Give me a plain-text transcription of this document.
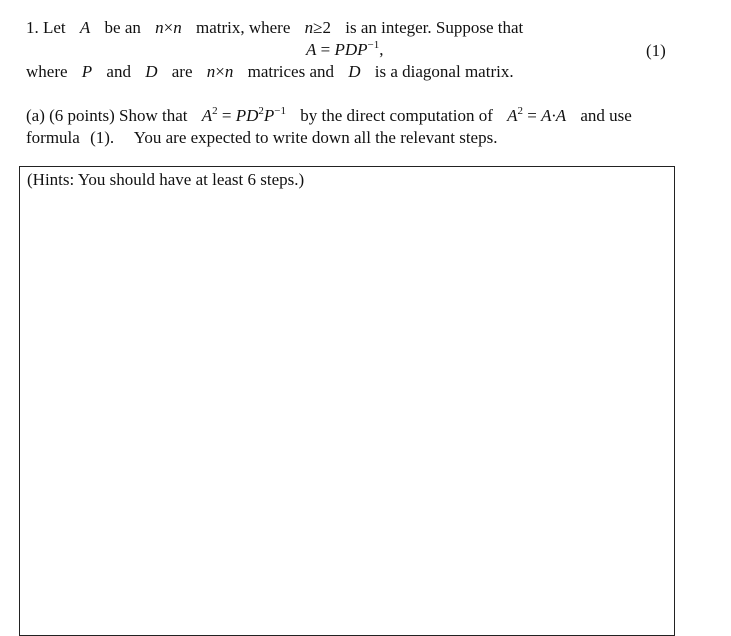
1. Let A be an n×n matrix, where n≥2 is an integer. Suppose that
$A = PDP^{-1}$,	(1)
where P and D are n×n matrices and D is a diagonal matrix.
(a) (6 points) Show that $A^2 = PD^2P^{-1}$ by the direct computation of $A^2 = A\cdot A$ and use
formula (1). You are expected to write down all the relevant steps.
(Hints: You should have at least 6 steps.)
